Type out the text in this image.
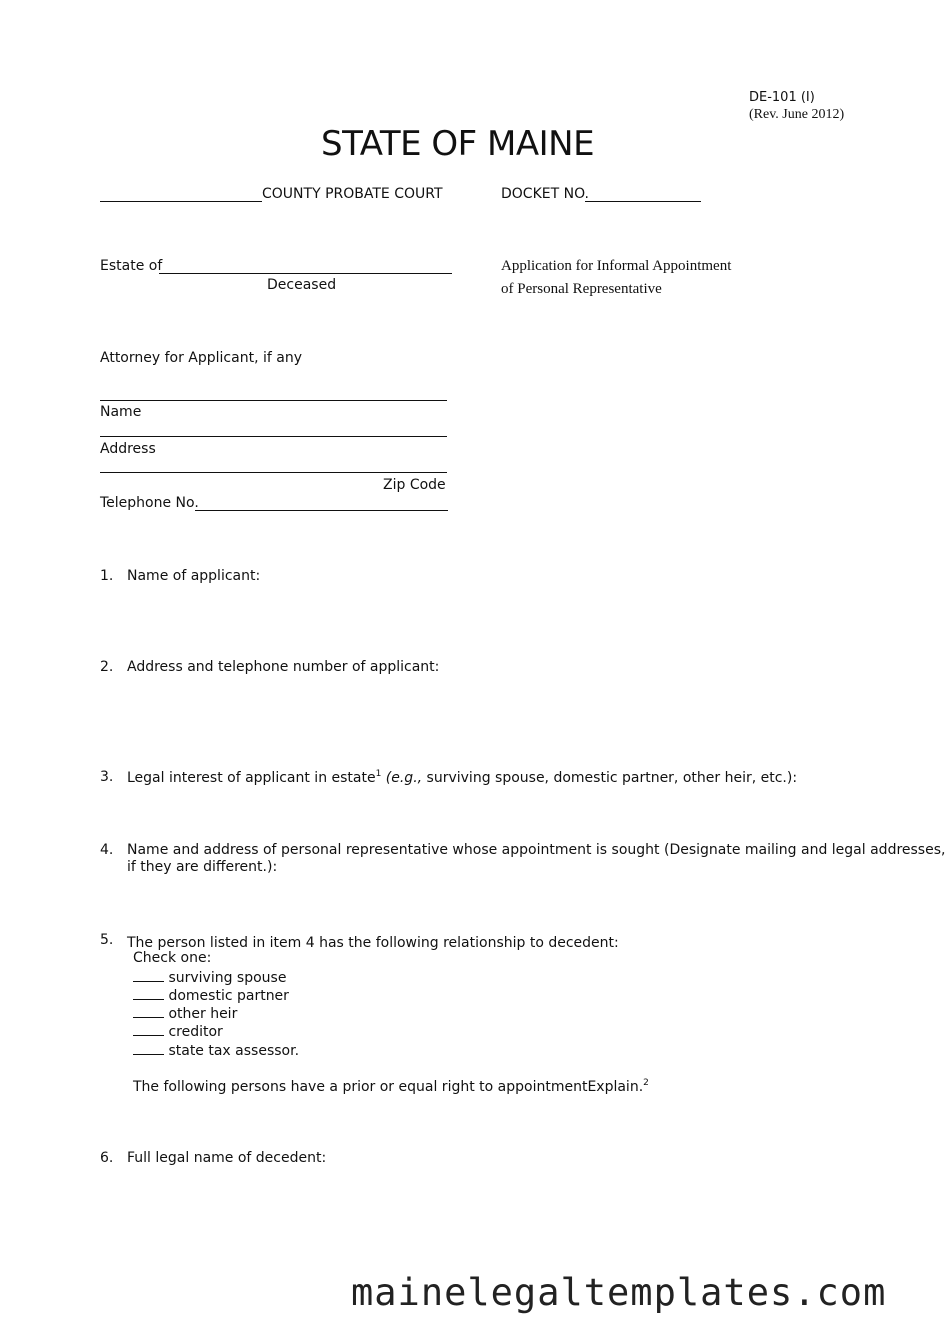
DE-101 (I)
(Rev. June 2012)
STATE OF MAINE
COUNTY PROBATE COURT	DOCKET NO.
Estate of
Deceased
Application for Informal Appointment
of Personal Representative
Attorney for Applicant, if any
Name
Address
Zip Code
Telephone No.
1. Name of applicant:
2. Address and telephone number of applicant:
3. Legal interest of applicant in estate$^1$ (e.g., surviving spouse, domestic partner, other heir, etc.):
4. Name and address of personal representative whose appointment is sought (Designate mailing and legal addresses,
if they are different.):
5. The person listed in item 4 has the following relationship to decedent:
Check one:
surviving spouse
domestic partner
other heir
creditor
state tax assessor.
The following persons have a prior or equal right to appointmentExplain.$^2$
6. Full legal name of decedent:
mainelegaltemplates.com
